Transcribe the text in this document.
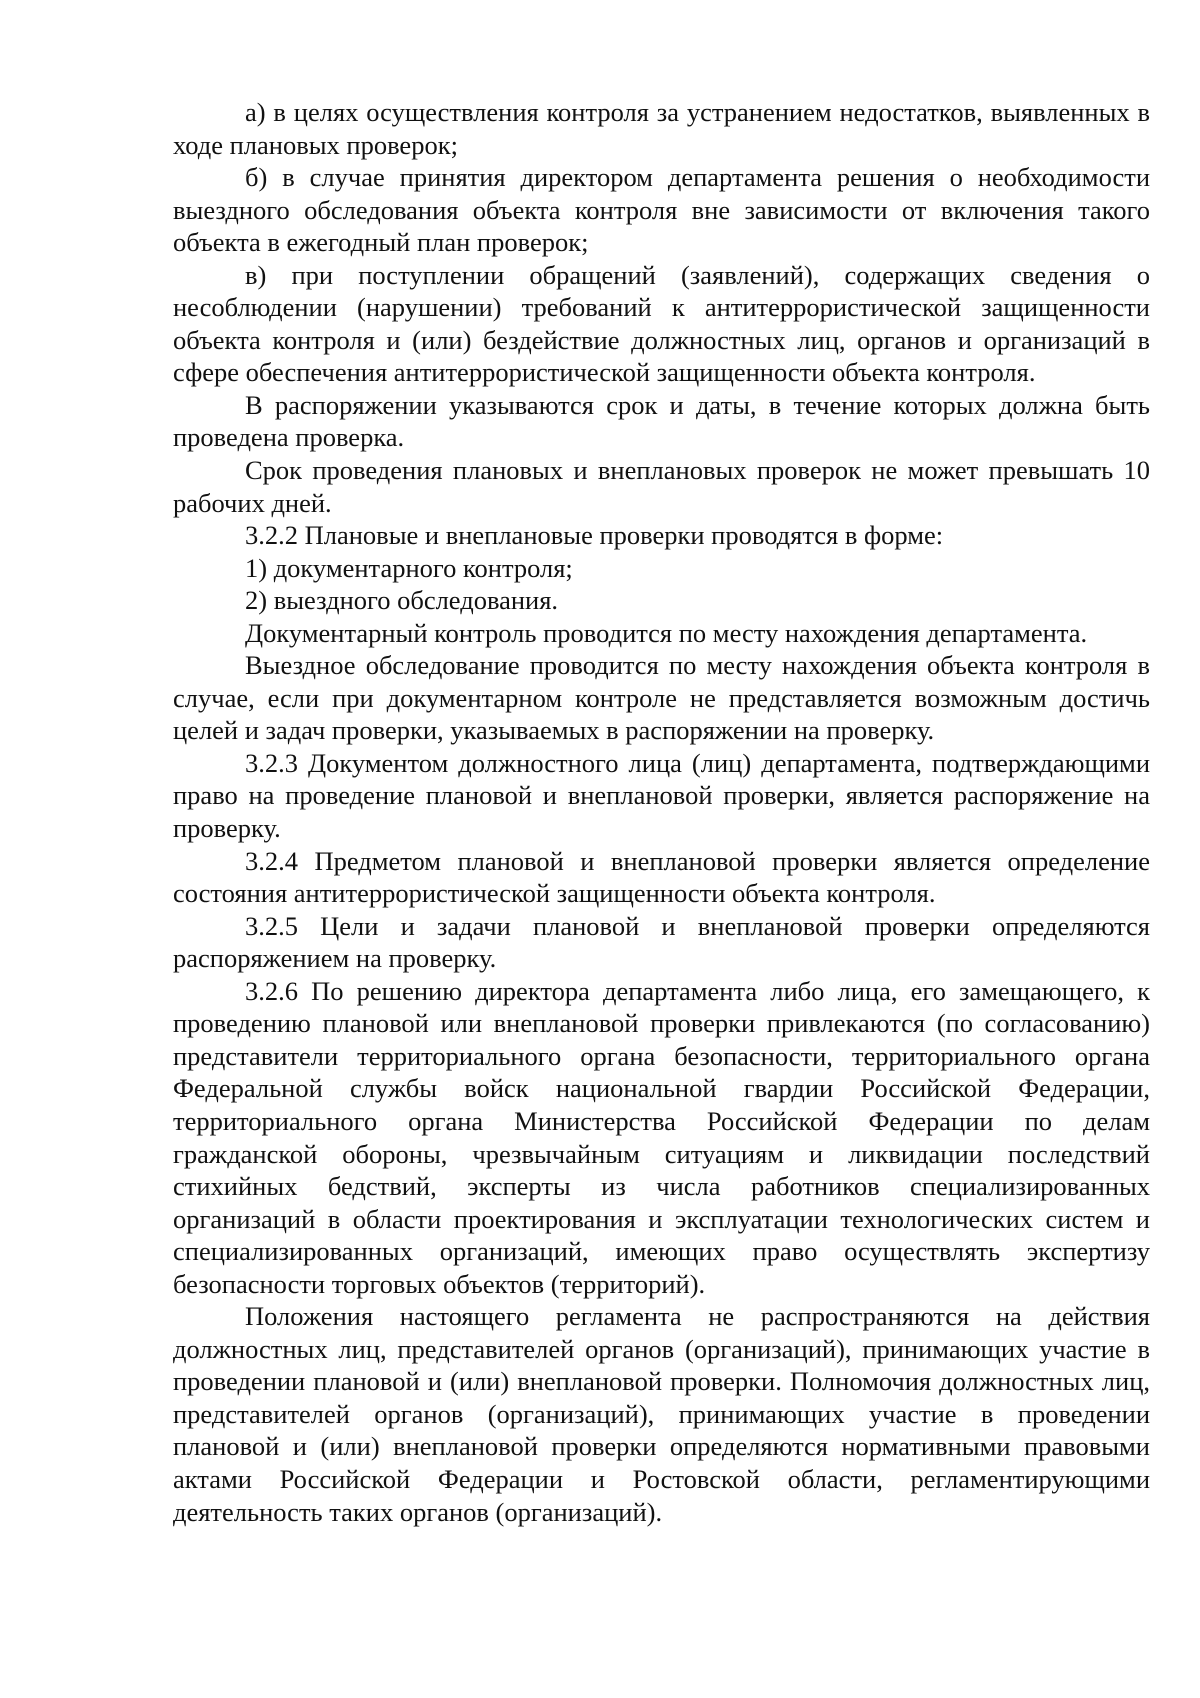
а) в целях осуществления контроля за устранением недостатков, выявленных в ходе плановых проверок;

б) в случае принятия директором департамента решения о необходимости выездного обследования объекта контроля вне зависимости от включения такого объекта в ежегодный план проверок;

в) при поступлении обращений (заявлений), содержащих сведения о несоблюдении (нарушении) требований к антитеррористической защищенности объекта контроля и (или) бездействие должностных лиц, органов и организаций в сфере обеспечения антитеррористической защищенности объекта контроля.

В распоряжении указываются срок и даты, в течение которых должна быть проведена проверка.

Срок проведения плановых и внеплановых проверок не может превышать 10 рабочих дней.

3.2.2 Плановые и внеплановые проверки проводятся в форме:

1) документарного контроля;

2) выездного обследования.

Документарный контроль проводится по месту нахождения департамента.

Выездное обследование проводится по месту нахождения объекта контроля в случае, если при документарном контроле не представляется возможным достичь целей и задач проверки, указываемых в распоряжении на проверку.

3.2.3 Документом должностного лица (лиц) департамента, подтверждающими право на проведение плановой и внеплановой проверки, является распоряжение на проверку.

3.2.4 Предметом плановой и внеплановой проверки является определение состояния антитеррористической защищенности объекта контроля.

3.2.5 Цели и задачи плановой и внеплановой проверки определяются распоряжением на проверку.

3.2.6 По решению директора департамента либо лица, его замещающего, к проведению плановой или внеплановой проверки привлекаются (по согласованию) представители территориального органа безопасности, территориального органа Федеральной службы войск национальной гвардии Российской Федерации, территориального органа Министерства Российской Федерации по делам гражданской обороны, чрезвычайным ситуациям и ликвидации последствий стихийных бедствий, эксперты из числа работников специализированных организаций в области проектирования и эксплуатации технологических систем и специализированных организаций, имеющих право осуществлять экспертизу безопасности торговых объектов (территорий).

Положения настоящего регламента не распространяются на действия должностных лиц, представителей органов (организаций), принимающих участие в проведении плановой и (или) внеплановой проверки. Полномочия должностных лиц, представителей органов (организаций), принимающих участие в проведении плановой и (или) внеплановой проверки определяются нормативными правовыми актами Российской Федерации и Ростовской области, регламентирующими деятельность таких органов (организаций).
